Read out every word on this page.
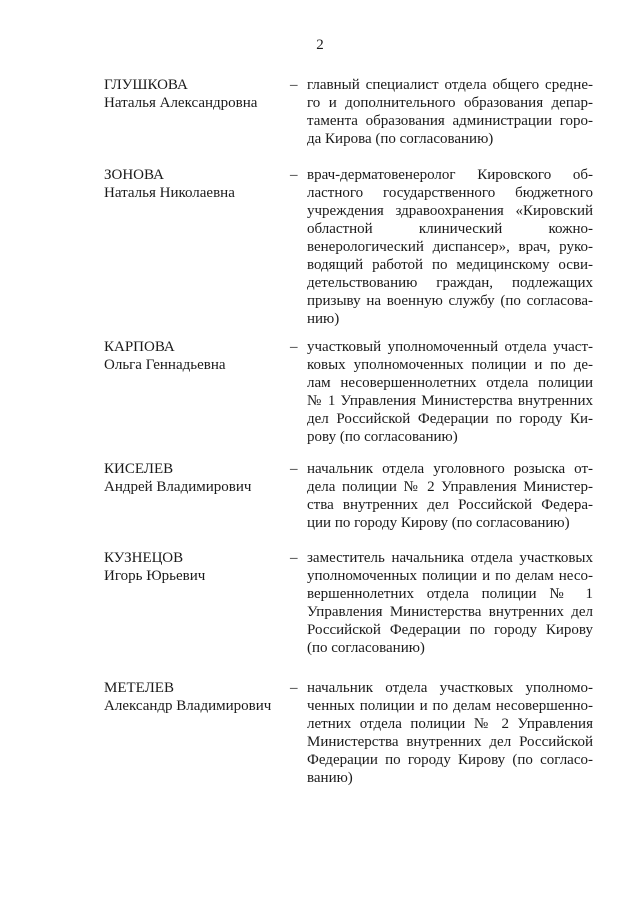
2
ГЛУШКОВА
Наталья Александровна
– главный специалист отдела общего средне-
го и дополнительного образования депар-
тамента образования администрации горо-
да Кирова (по согласованию)
ЗОНОВА
Наталья Николаевна
– врач-дерматовенеролог Кировского об-
ластного государственного бюджетного
учреждения здравоохранения «Кировский
областной клинический кожно-
венерологический диспансер», врач, руко-
водящий работой по медицинскому осви-
детельствованию граждан, подлежащих
призыву на военную службу (по согласова-
нию)
КАРПОВА
Ольга Геннадьевна
– участковый уполномоченный отдела участ-
ковых уполномоченных полиции и по де-
лам несовершеннолетних отдела полиции
№ 1 Управления Министерства внутренних
дел Российской Федерации по городу Ки-
рову (по согласованию)
КИСЕЛЕВ
Андрей Владимирович
– начальник отдела уголовного розыска от-
дела полиции № 2 Управления Министер-
ства внутренних дел Российской Федера-
ции по городу Кирову (по согласованию)
КУЗНЕЦОВ
Игорь Юрьевич
– заместитель начальника отдела участковых
уполномоченных полиции и по делам несо-
вершеннолетних отдела полиции № 1
Управления Министерства внутренних дел
Российской Федерации по городу Кирову
(по согласованию)
МЕТЕЛЕВ
Александр Владимирович
– начальник отдела участковых уполномо-
ченных полиции и по делам несовершенно-
летних отдела полиции № 2 Управления
Министерства внутренних дел Российской
Федерации по городу Кирову (по согласо-
ванию)
